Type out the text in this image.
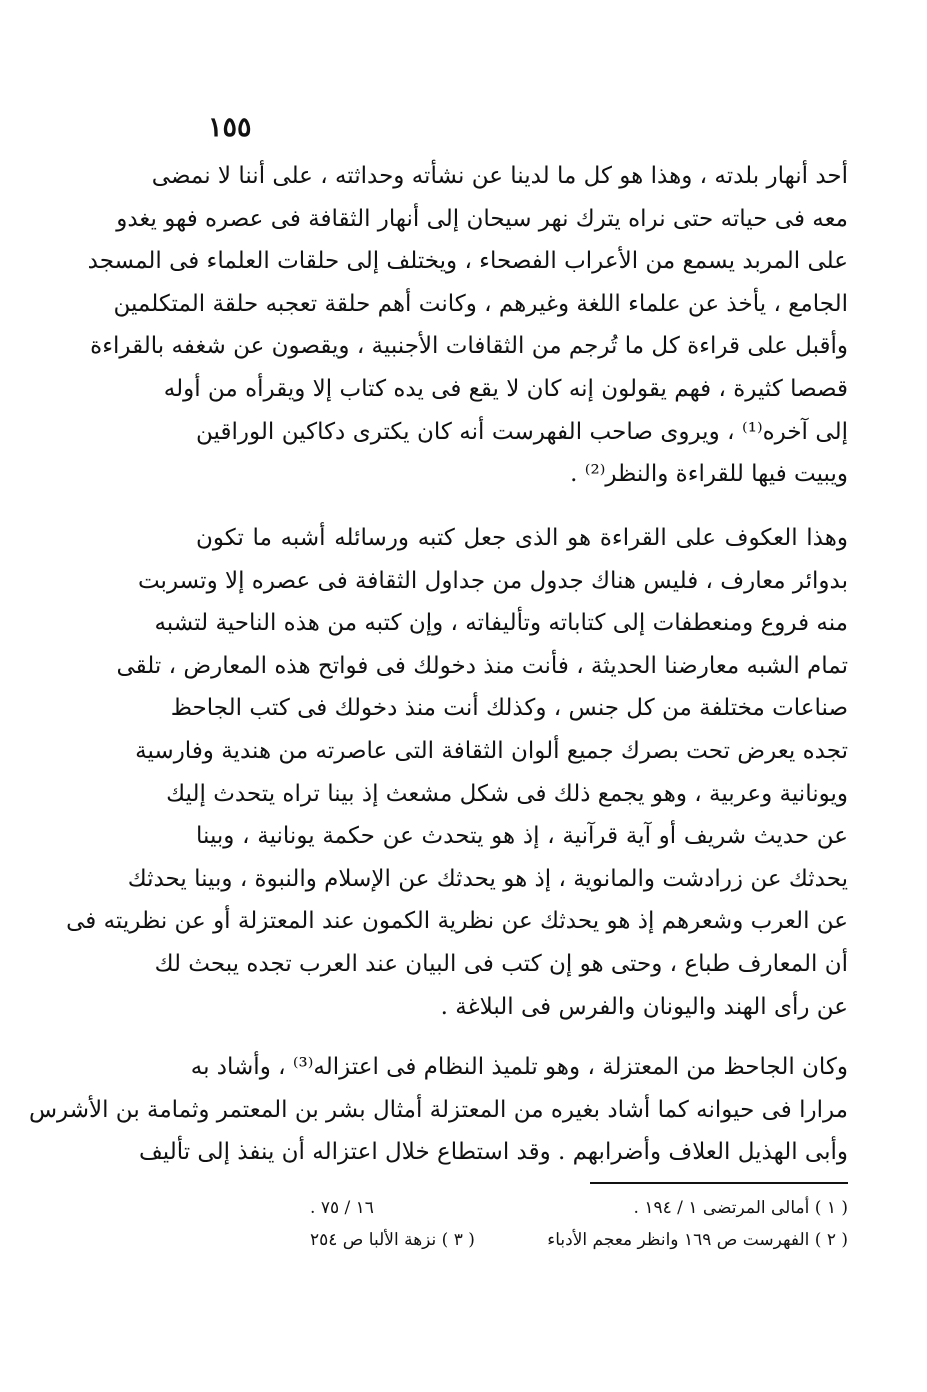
١٥٥
أحد أنهار بلدته ، وهذا هو كل ما لدينا عن نشأته وحداثته ، على أننا لا نمضى
معه فى حياته حتى نراه يترك نهر سيحان إلى أنهار الثقافة فى عصره فهو يغدو
على المربد يسمع من الأعراب الفصحاء ، ويختلف إلى حلقات العلماء فى المسجد
الجامع ، يأخذ عن علماء اللغة وغيرهم ، وكانت أهم حلقة تعجبه حلقة المتكلمين
وأقبل على قراءة كل ما تُرجم من الثقافات الأجنبية ، ويقصون عن شغفه بالقراءة
قصصا كثيرة ، فهم يقولون إنه كان لا يقع فى يده كتاب إلا ويقرأه من أوله
إلى آخره⁽¹⁾ ، ويروى صاحب الفهرست أنه كان يكترى دكاكين الوراقين
ويبيت فيها للقراءة والنظر⁽²⁾ .
وهذا العكوف على القراءة هو الذى جعل كتبه ورسائله أشبه ما تكون
بدوائر معارف ، فليس هناك جدول من جداول الثقافة فى عصره إلا وتسربت
منه فروع ومنعطفات إلى كتاباته وتأليفاته ، وإن كتبه من هذه الناحية لتشبه
تمام الشبه معارضنا الحديثة ، فأنت منذ دخولك فى فواتح هذه المعارض ، تلقى
صناعات مختلفة من كل جنس ، وكذلك أنت منذ دخولك فى كتب الجاحظ
تجده يعرض تحت بصرك جميع ألوان الثقافة التى عاصرته من هندية وفارسية
ويونانية وعربية ، وهو يجمع ذلك فى شكل مشعث إذ بينا تراه يتحدث إليك
عن حديث شريف أو آية قرآنية ، إذ هو يتحدث عن حكمة يونانية ، وبينا
يحدثك عن زرادشت والمانوية ، إذ هو يحدثك عن الإسلام والنبوة ، وبينا يحدثك
عن العرب وشعرهم إذ هو يحدثك عن نظرية الكمون عند المعتزلة أو عن نظريته فى
أن المعارف طباع ، وحتى هو إن كتب فى البيان عند العرب تجده يبحث لك
عن رأى الهند واليونان والفرس فى البلاغة .
وكان الجاحظ من المعتزلة ، وهو تلميذ النظام فى اعتزاله⁽³⁾ ، وأشاد به
مرارا فى حيوانه كما أشاد بغيره من المعتزلة أمثال بشر بن المعتمر وثمامة بن الأشرس
وأبى الهذيل العلاف وأضرابهم . وقد استطاع خلال اعتزاله أن ينفذ إلى تأليف
( ١ ) أمالى المرتضى ١ / ١٩٤ .
١٦ / ٧٥ .
( ٢ ) الفهرست ص ١٦٩ وانظر معجم الأدباء
( ٣ ) نزهة الألبا ص ٢٥٤
